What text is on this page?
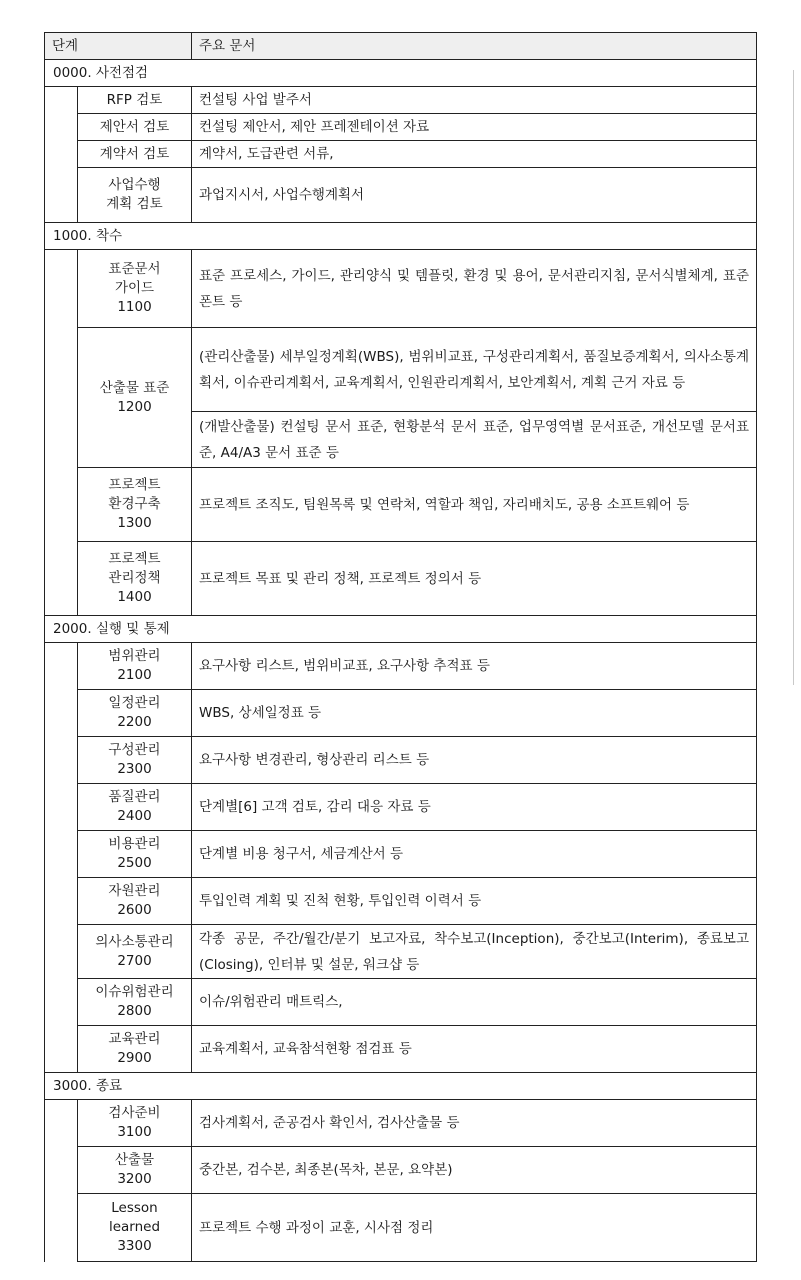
단계		주요 문서
0000. 사전점검		
	RFP 검토	컨설팅 사업 발주서
	제안서 검토	컨설팅 제안서, 제안 프레젠테이션 자료
	계약서 검토	계약서, 도급관련 서류,
	사업수행
계획 검토	과업지시서, 사업수행계획서
1000. 착수		
	표준문서
가이드
1100	표준 프로세스, 가이드, 관리양식 및 템플릿, 환경 및 용어, 문서관리지침, 문서식별체계, 표준 폰트 등
	산출물 표준
1200	(관리산출물) 세부일정계획(WBS), 범위비교표, 구성관리계획서, 품질보증계획서, 의사소통계획서, 이슈관리계획서, 교육계획서, 인원관리계획서, 보안계획서, 계획 근거 자료 등
		(개발산출물) 컨설팅 문서 표준, 현황분석 문서 표준, 업무영역별 문서표준, 개선모델 문서표준, A4/A3 문서 표준 등
	프로젝트
환경구축
1300	프로젝트 조직도, 팀원목록 및 연락처, 역할과 책임, 자리배치도, 공용 소프트웨어 등
	프로젝트
관리정책
1400	프로젝트 목표 및 관리 정책, 프로젝트 정의서 등
2000. 실행 및 통제		
	범위관리
2100	요구사항 리스트, 범위비교표, 요구사항 추적표 등
	일정관리
2200	WBS, 상세일정표 등
	구성관리
2300	요구사항 변경관리, 형상관리 리스트 등
	품질관리
2400	단계별[6] 고객 검토, 감리 대응 자료 등
	비용관리
2500	단계별 비용 청구서, 세금계산서 등
	자원관리
2600	투입인력 계획 및 진척 현황, 투입인력 이력서 등
	의사소통관리
2700	각종 공문, 주간/월간/분기 보고자료, 착수보고(Inception), 중간보고(Interim), 종료보고(Closing), 인터뷰 및 설문, 워크샵 등
	이슈위험관리
2800	이슈/위험관리 매트릭스,
	교육관리
2900	교육계획서, 교육참석현황 점검표 등
3000. 종료		
	검사준비
3100	검사계획서, 준공검사 확인서, 검사산출물 등
	산출물
3200	중간본, 검수본, 최종본(목차, 본문, 요약본)
	Lesson
learned
3300	프로젝트 수행 과정이 교훈, 시사점 정리
